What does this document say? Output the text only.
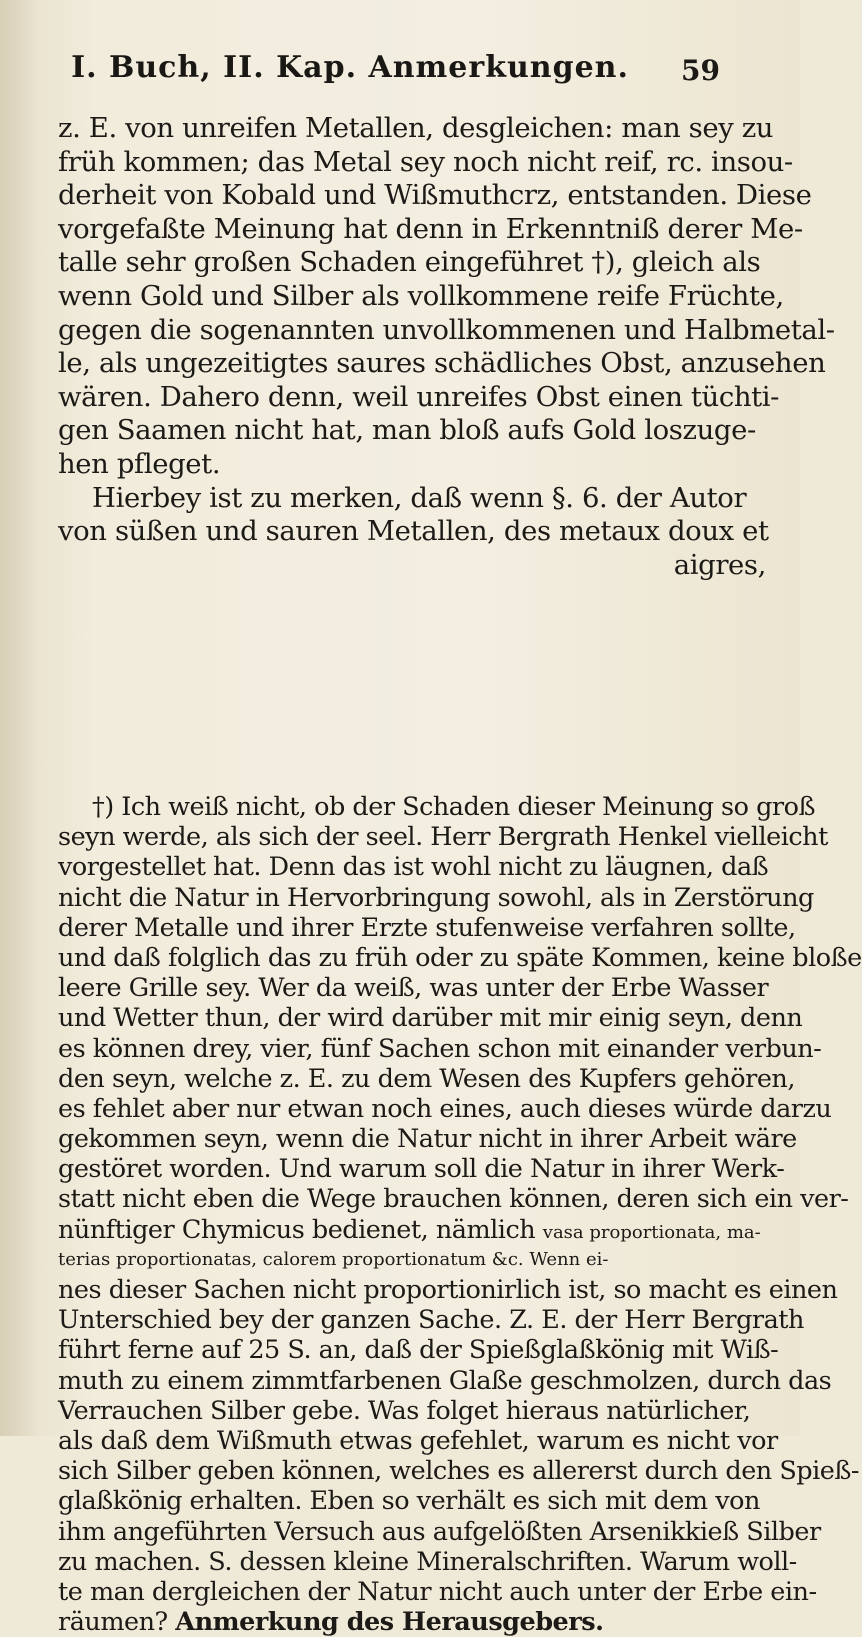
I. Buch, II. Kap. Anmerkungen.	59
z. E. von unreifen Metallen, desgleichen: man sey zu
früh kommen; das Metal sey noch nicht reif, rc. insou-
derheit von Kobald und Wißmuthcrz, entstanden. Diese
vorgefaßte Meinung hat denn in Erkenntniß derer Me-
talle sehr großen Schaden eingeführet †), gleich als
wenn Gold und Silber als vollkommene reife Früchte,
gegen die sogenannten unvollkommenen und Halbmetal-
le, als ungezeitigtes saures schädliches Obst, anzusehen
wären. Dahero denn, weil unreifes Obst einen tüchti-
gen Saamen nicht hat, man bloß aufs Gold loszuge-
hen pfleget.
Hierbey ist zu merken, daß wenn §. 6. der Autor
von süßen und sauren Metallen, des metaux doux et
aigres,
†) Ich weiß nicht, ob der Schaden dieser Meinung so groß
seyn werde, als sich der seel. Herr Bergrath Henkel vielleicht
vorgestellet hat. Denn das ist wohl nicht zu läugnen, daß
nicht die Natur in Hervorbringung sowohl, als in Zerstörung
derer Metalle und ihrer Erzte stufenweise verfahren sollte,
und daß folglich das zu früh oder zu späte Kommen, keine bloße
leere Grille sey. Wer da weiß, was unter der Erbe Wasser
und Wetter thun, der wird darüber mit mir einig seyn, denn
es können drey, vier, fünf Sachen schon mit einander verbun-
den seyn, welche z. E. zu dem Wesen des Kupfers gehören,
es fehlet aber nur etwan noch eines, auch dieses würde darzu
gekommen seyn, wenn die Natur nicht in ihrer Arbeit wäre
gestöret worden. Und warum soll die Natur in ihrer Werk-
statt nicht eben die Wege brauchen können, deren sich ein ver-
nünftiger Chymicus bedienet, nämlich vasa proportionata, ma-
terias proportionatas, calorem proportionatum &c. Wenn ei-
nes dieser Sachen nicht proportionirlich ist, so macht es einen
Unterschied bey der ganzen Sache. Z. E. der Herr Bergrath
führt ferne auf 25 S. an, daß der Spießglaßkönig mit Wiß-
muth zu einem zimmtfarbenen Glaße geschmolzen, durch das
Verrauchen Silber gebe. Was folget hieraus natürlicher,
als daß dem Wißmuth etwas gefehlet, warum es nicht vor
sich Silber geben können, welches es allererst durch den Spieß-
glaßkönig erhalten. Eben so verhält es sich mit dem von
ihm angeführten Versuch aus aufgelößten Arsenikkieß Silber
zu machen. S. dessen kleine Mineralschriften. Warum woll-
te man dergleichen der Natur nicht auch unter der Erbe ein-
räumen? Anmerkung des Herausgebers.
